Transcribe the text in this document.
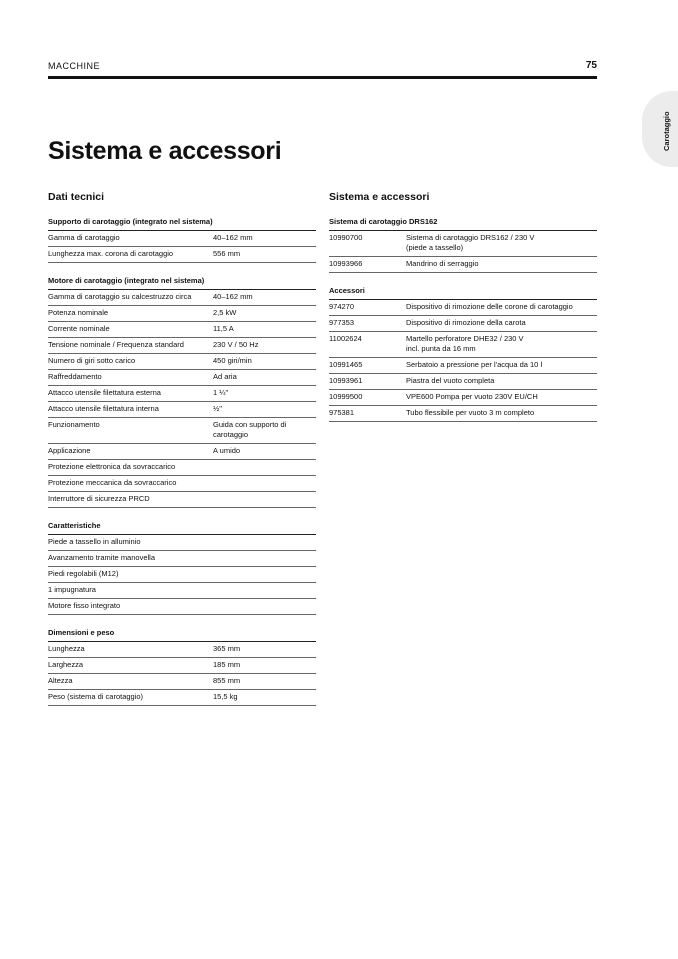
MACCHINE	75
Carotaggio
Sistema e accessori
Dati tecnici
Supporto di carotaggio (integrato nel sistema)
Gamma di carotaggio	40–162 mm
Lunghezza max. corona di carotaggio	556 mm
Motore di carotaggio (integrato nel sistema)
Gamma di carotaggio su calcestruzzo circa	40–162 mm
Potenza nominale	2,5 kW
Corrente nominale	11,5 A
Tensione nominale / Frequenza standard	230 V / 50 Hz
Numero di giri sotto carico	450 giri/min
Raffreddamento	Ad aria
Attacco utensile filettatura esterna	1 ¼"
Attacco utensile filettatura interna	½"
Funzionamento	Guida con supporto di
carotaggio
Applicazione	A umido
Protezione elettronica da sovraccarico
Protezione meccanica da sovraccarico
Interruttore di sicurezza PRCD
Caratteristiche
Piede a tassello in alluminio
Avanzamento tramite manovella
Piedi regolabili (M12)
1 impugnatura
Motore fisso integrato
Dimensioni e peso
Lunghezza	365 mm
Larghezza	185 mm
Altezza	855 mm
Peso (sistema di carotaggio)	15,5 kg
Sistema e accessori
Sistema di carotaggio DRS162
10990700	Sistema di carotaggio DRS162 / 230 V
(piede a tassello)
10993966	Mandrino di serraggio
Accessori
974270	Dispositivo di rimozione delle corone di carotaggio
977353	Dispositivo di rimozione della carota
11002624	Martello perforatore DHE32 / 230 V
incl. punta da 16 mm
10991465	Serbatoio a pressione per l'acqua da 10 l
10993961	Piastra del vuoto completa
10999500	VPE600 Pompa per vuoto 230V EU/CH
975381	Tubo flessibile per vuoto 3 m completo
